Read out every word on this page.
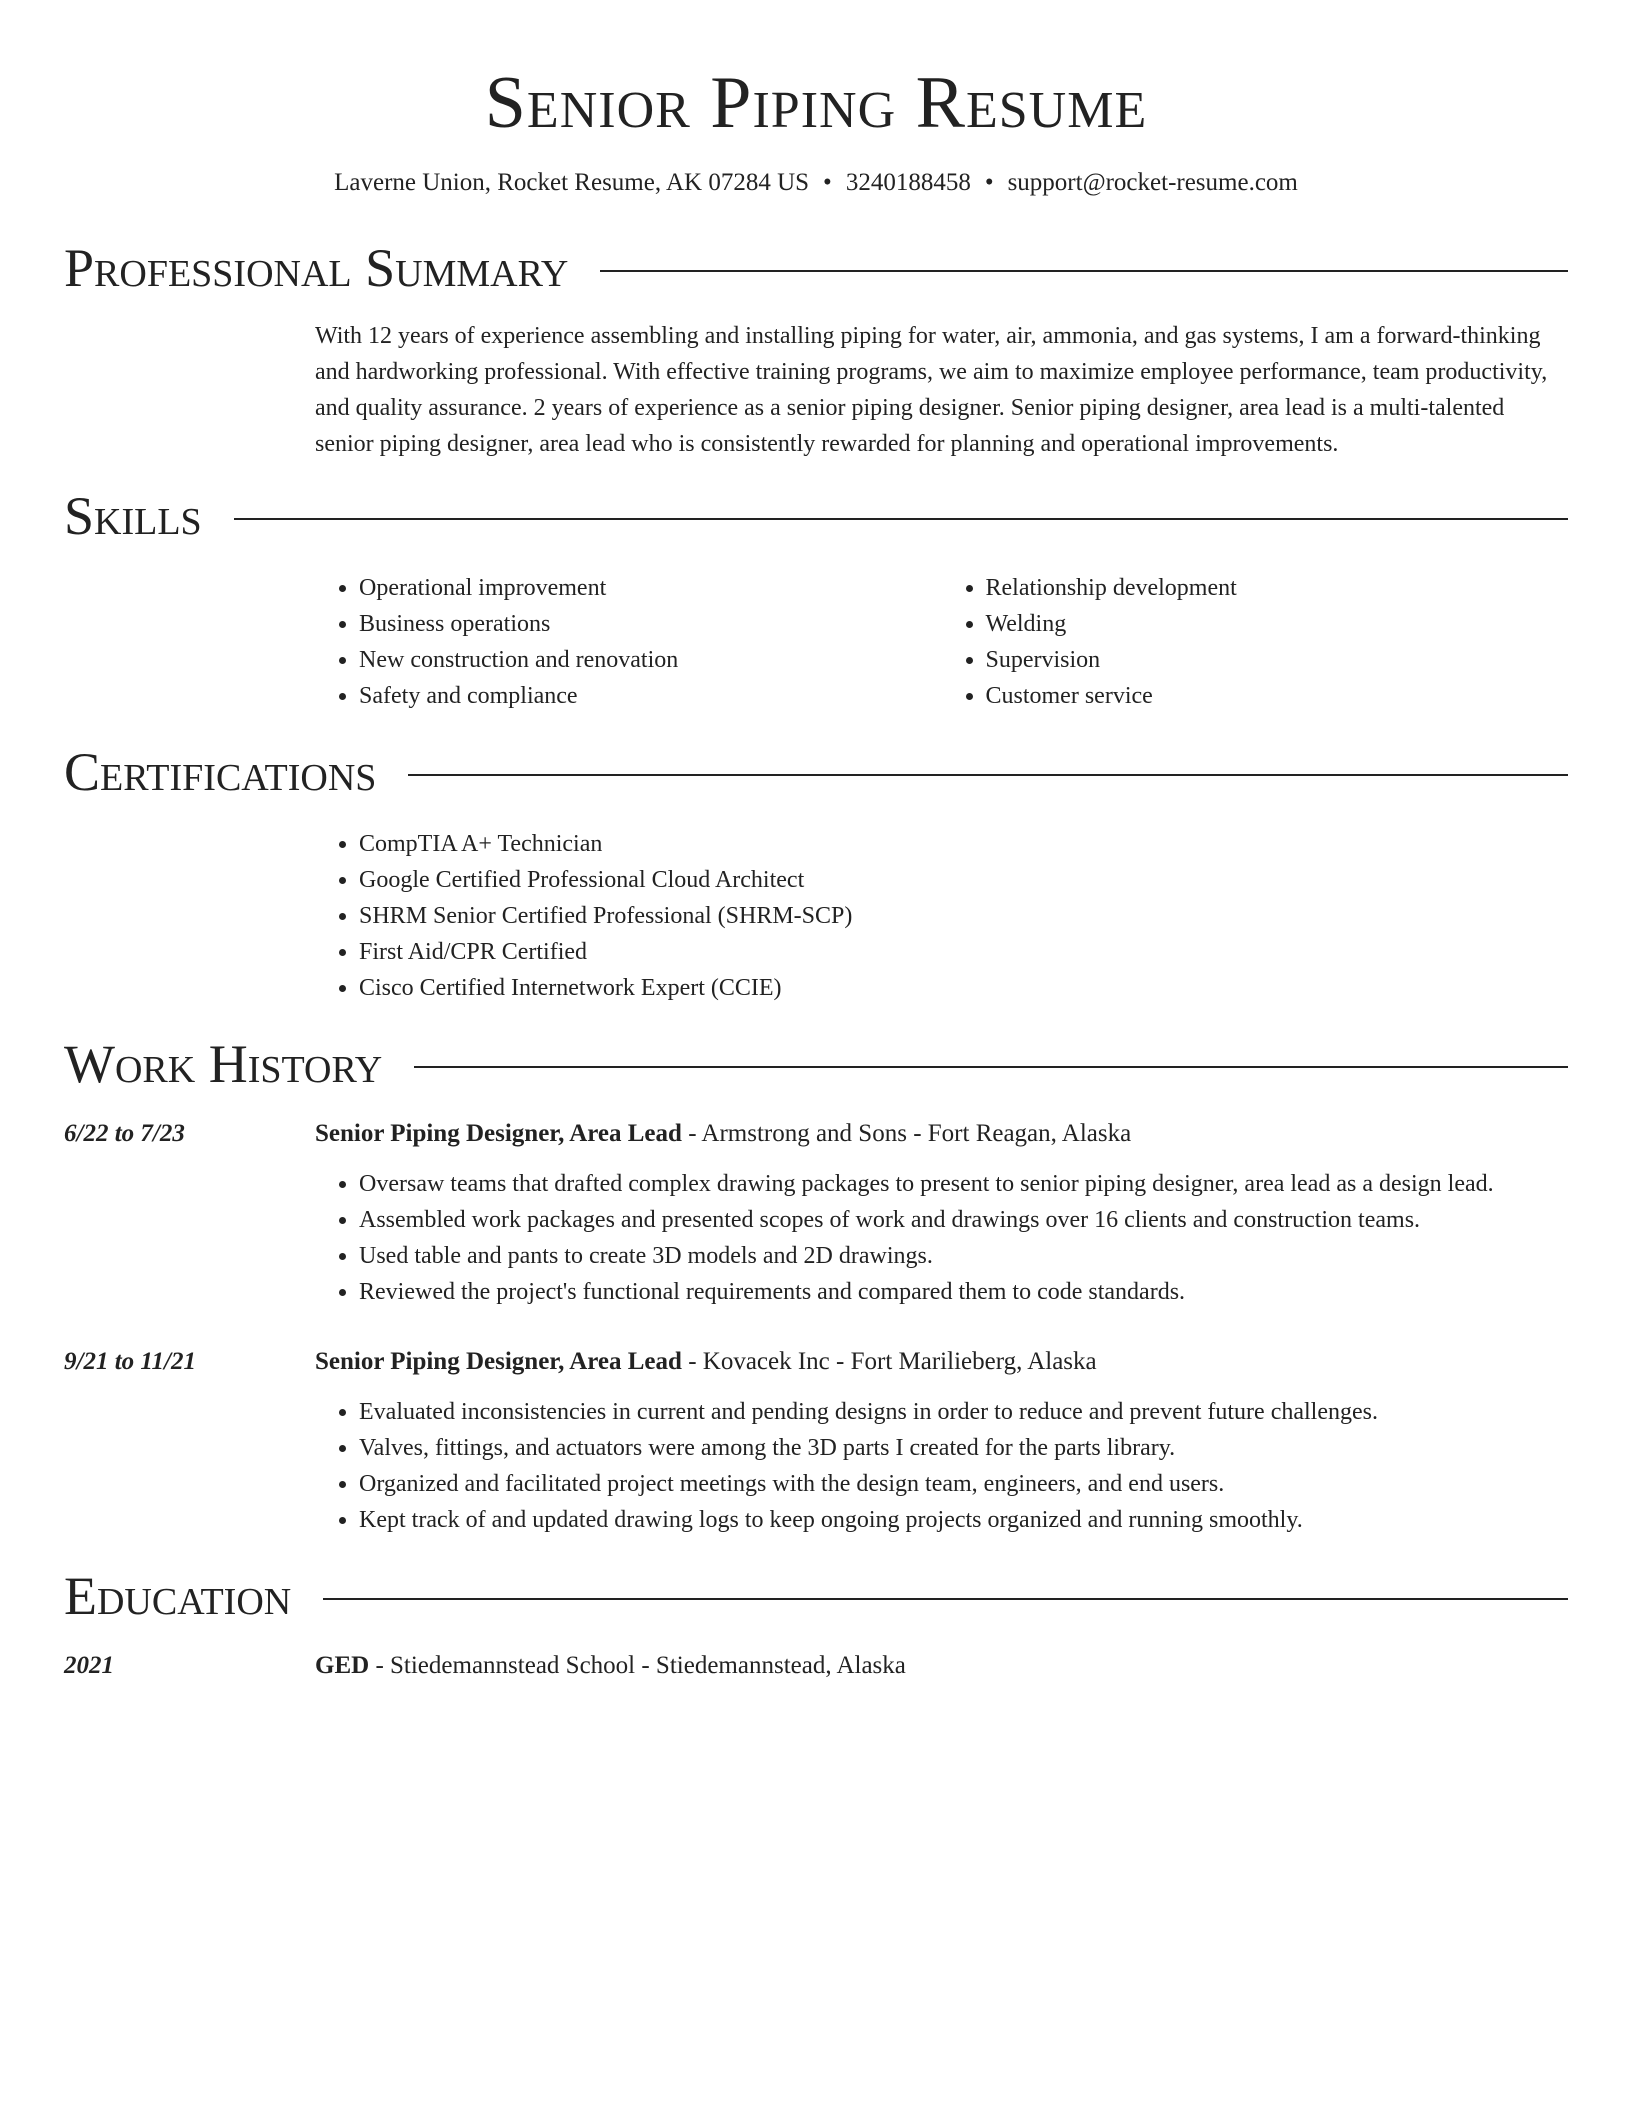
Senior Piping Resume
Laverne Union, Rocket Resume, AK 07284 US • 3240188458 • support@rocket-resume.com
Professional Summary

With 12 years of experience assembling and installing piping for water, air, ammonia, and gas systems, I am a forward-thinking and hardworking professional. With effective training programs, we aim to maximize employee performance, team productivity, and quality assurance. 2 years of experience as a senior piping designer. Senior piping designer, area lead is a multi-talented senior piping designer, area lead who is consistently rewarded for planning and operational improvements.

Skills
• Operational improvement
• Business operations
• New construction and renovation
• Safety and compliance
• Relationship development
• Welding
• Supervision
• Customer service
Certifications
• CompTIA A+ Technician
• Google Certified Professional Cloud Architect
• SHRM Senior Certified Professional (SHRM-SCP)
• First Aid/CPR Certified
• Cisco Certified Internetwork Expert (CCIE)
Work History
6/22 to 7/23	Senior Piping Designer, Area Lead - Armstrong and Sons - Fort Reagan, Alaska
• Oversaw teams that drafted complex drawing packages to present to senior piping designer, area lead as a design lead.
• Assembled work packages and presented scopes of work and drawings over 16 clients and construction teams.
• Used table and pants to create 3D models and 2D drawings.
• Reviewed the project's functional requirements and compared them to code standards.
9/21 to 11/21	Senior Piping Designer, Area Lead - Kovacek Inc - Fort Marilieberg, Alaska
• Evaluated inconsistencies in current and pending designs in order to reduce and prevent future challenges.
• Valves, fittings, and actuators were among the 3D parts I created for the parts library.
• Organized and facilitated project meetings with the design team, engineers, and end users.
• Kept track of and updated drawing logs to keep ongoing projects organized and running smoothly.
Education
2021	GED - Stiedemannstead School - Stiedemannstead, Alaska
